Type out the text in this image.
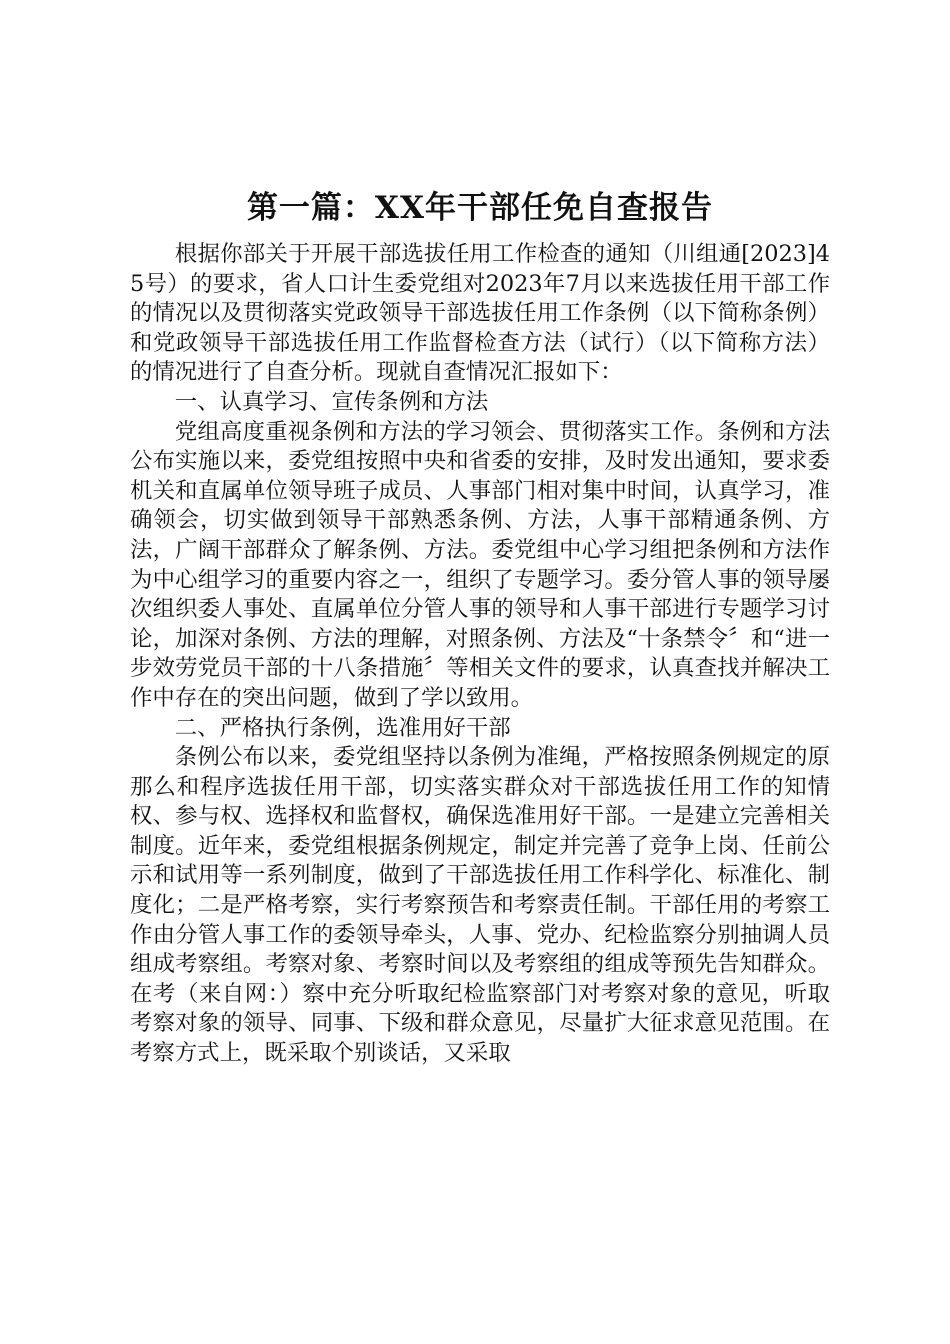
第一篇：XX年干部任免自查报告

根据你部关于开展干部选拔任用工作检查的通知（川组通[2023]45号）的要求，省人口计生委党组对2023年7月以来选拔任用干部工作的情况以及贯彻落实党政领导干部选拔任用工作条例（以下简称条例）和党政领导干部选拔任用工作监督检查方法（试行）（以下简称方法）的情况进行了自查分析。现就自查情况汇报如下：

一、认真学习、宣传条例和方法

党组高度重视条例和方法的学习领会、贯彻落实工作。条例和方法公布实施以来，委党组按照中央和省委的安排，及时发出通知，要求委机关和直属单位领导班子成员、人事部门相对集中时间，认真学习，准确领会，切实做到领导干部熟悉条例、方法，人事干部精通条例、方法，广阔干部群众了解条例、方法。委党组中心学习组把条例和方法作为中心组学习的重要内容之一，组织了专题学习。委分管人事的领导屡次组织委人事处、直属单位分管人事的领导和人事干部进行专题学习讨论，加深对条例、方法的理解，对照条例、方法及“十条禁令〞和“进一步效劳党员干部的十八条措施〞等相关文件的要求，认真查找并解决工作中存在的突出问题，做到了学以致用。

二、严格执行条例，选准用好干部

条例公布以来，委党组坚持以条例为准绳，严格按照条例规定的原那么和程序选拔任用干部，切实落实群众对干部选拔任用工作的知情权、参与权、选择权和监督权，确保选准用好干部。一是建立完善相关制度。近年来，委党组根据条例规定，制定并完善了竞争上岗、任前公示和试用等一系列制度，做到了干部选拔任用工作科学化、标准化、制度化；二是严格考察，实行考察预告和考察责任制。干部任用的考察工作由分管人事工作的委领导牵头，人事、党办、纪检监察分别抽调人员组成考察组。考察对象、考察时间以及考察组的组成等预先告知群众。在考（来自网：）察中充分听取纪检监察部门对考察对象的意见，听取考察对象的领导、同事、下级和群众意见，尽量扩大征求意见范围。在考察方式上，既采取个别谈话，又采取
